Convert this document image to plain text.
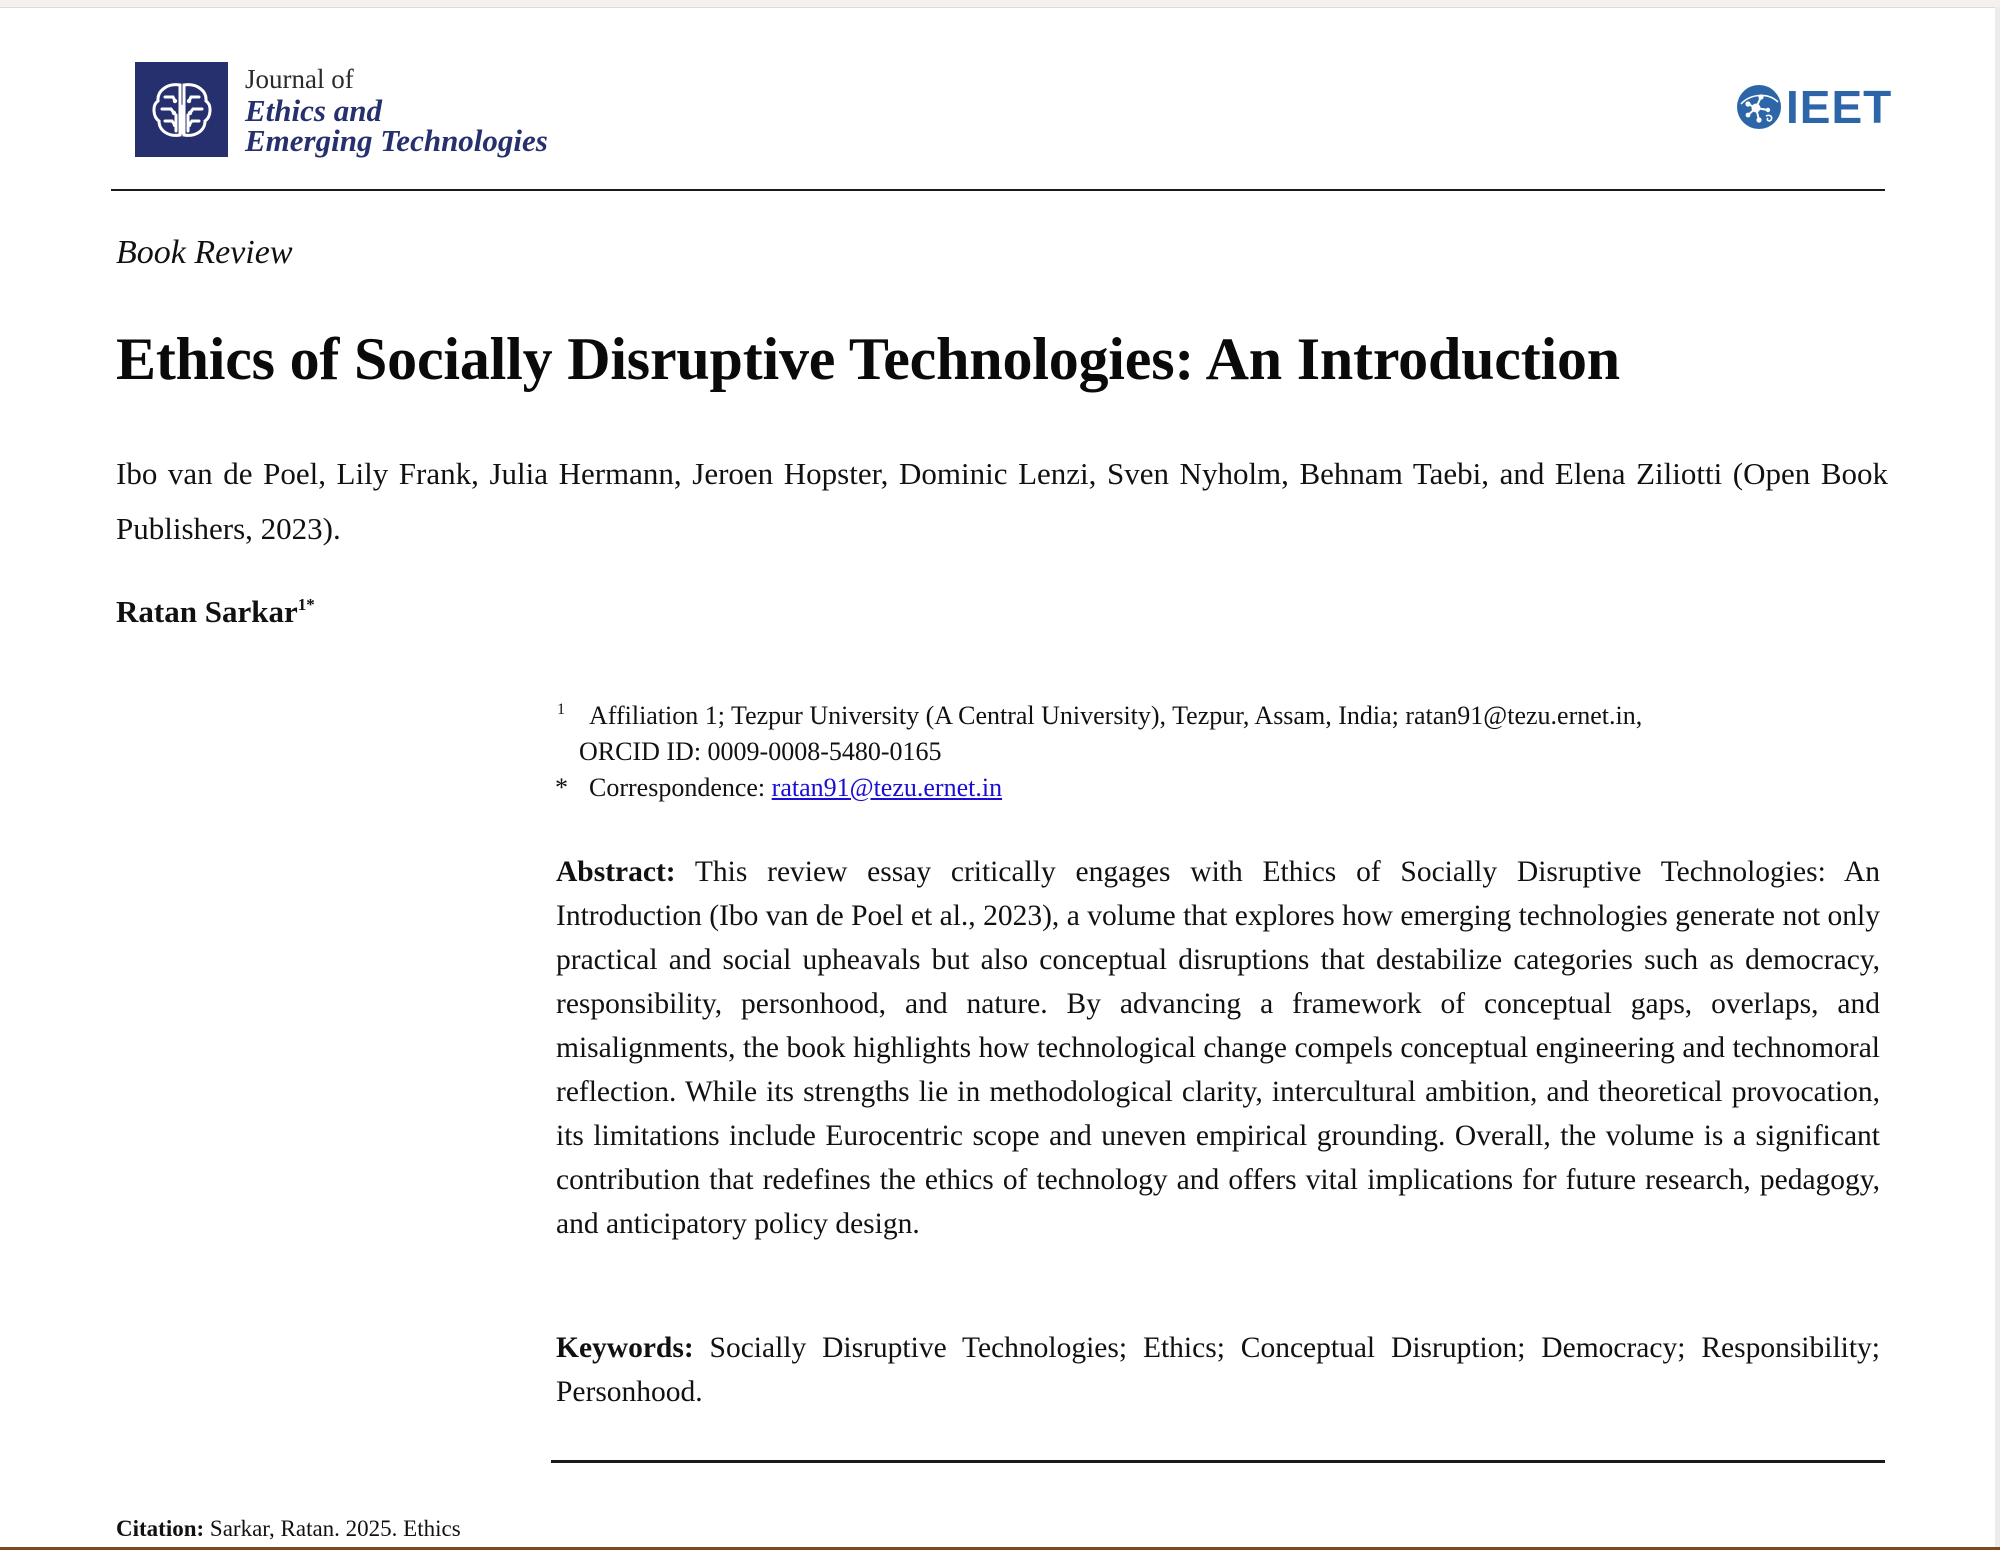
Journal of
Ethics and
Emerging Technologies
IEET
Book Review
Ethics of Socially Disruptive Technologies: An Introduction
Ibo van de Poel, Lily Frank, Julia Hermann, Jeroen Hopster, Dominic Lenzi, Sven Nyholm, Behnam Taebi, and Elena Ziliotti (Open Book Publishers, 2023).
Ratan Sarkar$^{1*}$
1 Affiliation 1; Tezpur University (A Central University), Tezpur, Assam, India; ratan91@tezu.ernet.in,
ORCID ID: 0009-0008-5480-0165
* Correspondence: ratan91@tezu.ernet.in
Abstract: This review essay critically engages with Ethics of Socially Disruptive Technologies: An Introduction (Ibo van de Poel et al., 2023), a volume that explores how emerging technologies generate not only practical and social upheavals but also conceptual disruptions that destabilize categories such as democracy, responsibility, personhood, and nature. By advancing a framework of conceptual gaps, overlaps, and misalignments, the book highlights how technological change compels conceptual engineering and technomoral reflection. While its strengths lie in methodological clarity, intercultural ambition, and theoretical provocation, its limitations include Eurocentric scope and uneven empirical grounding. Overall, the volume is a significant contribution that redefines the ethics of technology and offers vital implications for future research, pedagogy, and anticipatory policy design.
Keywords: Socially Disruptive Technologies; Ethics; Conceptual Disruption; Democracy; Responsibility; Personhood.
Citation: Sarkar, Ratan. 2025. Ethics
